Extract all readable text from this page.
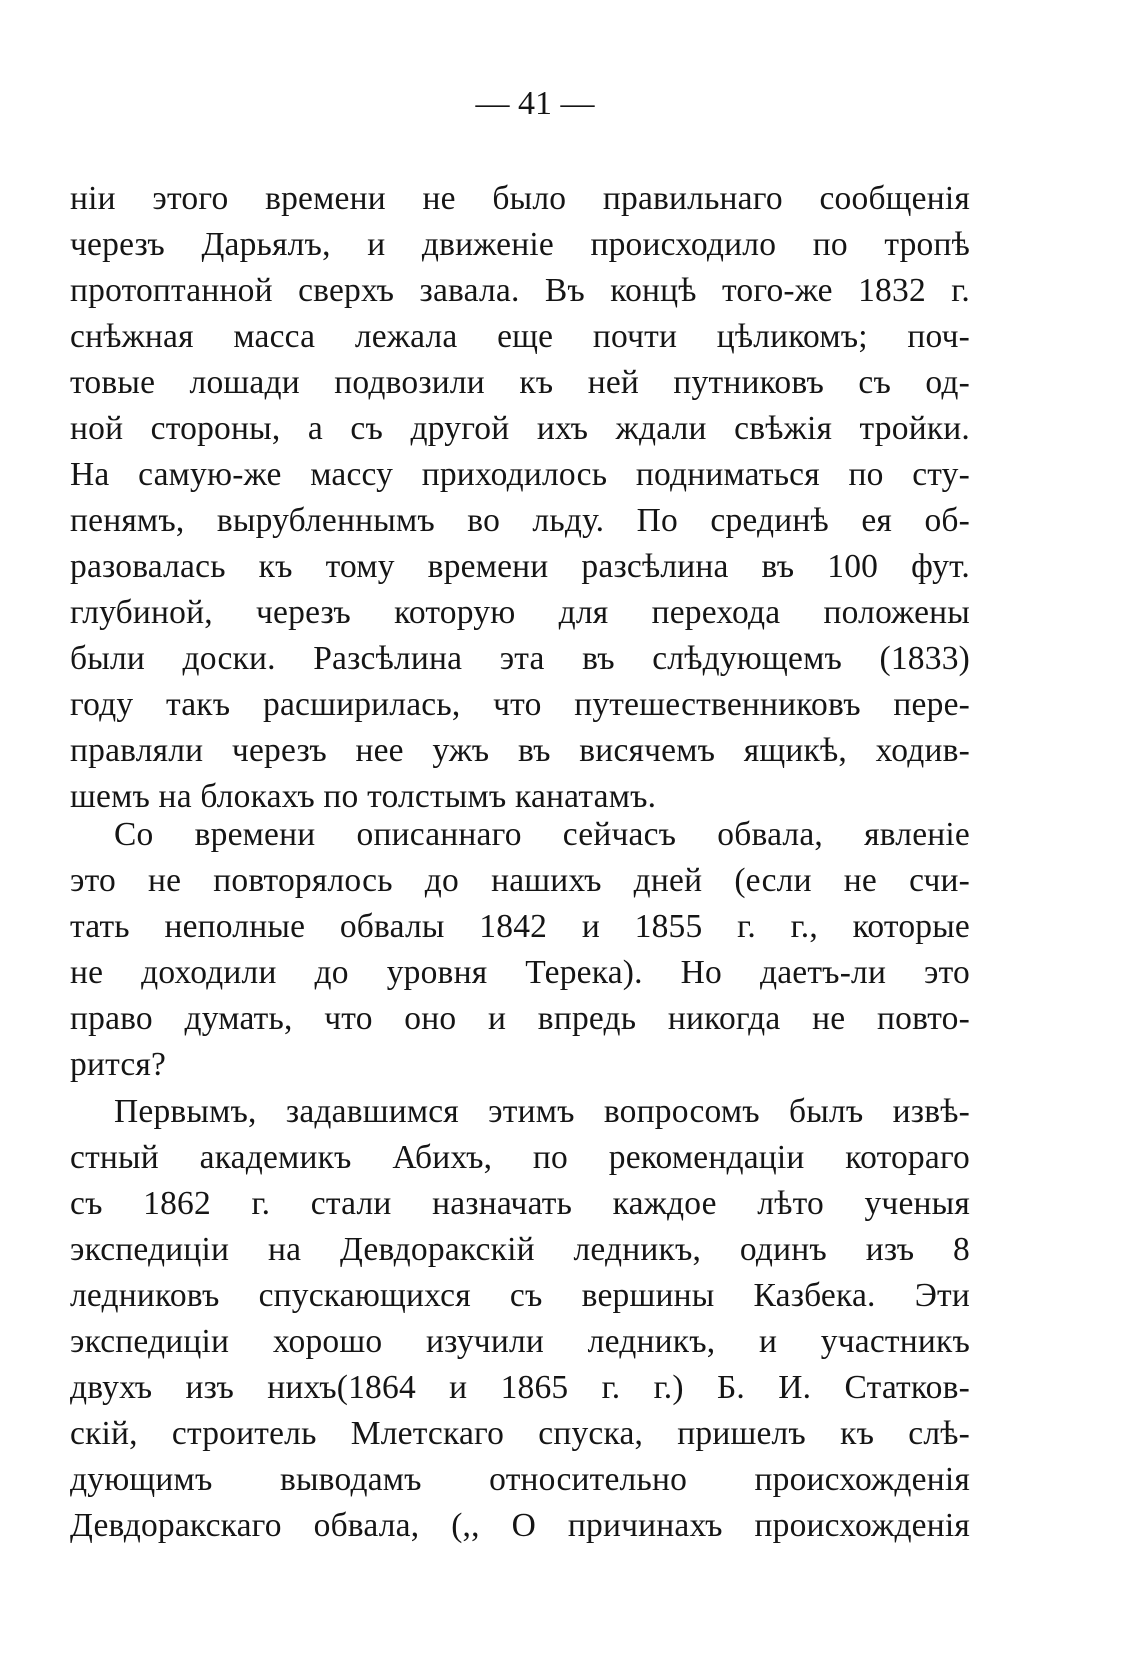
— 41 —
нiи этого времени не было правильнаго сообщенiя
черезъ Дарьялъ, и движенiе происходило по тропѣ
протоптанной сверхъ завала. Въ концѣ того-же 1832 г.
снѣжная масса лежала еще почти цѣликомъ; поч-
товые лошади подвозили къ ней путниковъ съ од-
ной стороны, а съ другой ихъ ждали свѣжiя тройки.
На самую-же массу приходилось подниматься по сту-
пенямъ, вырубленнымъ во льду. По срединѣ ея об-
разовалась къ тому времени разсѣлина въ 100 фут.
глубиной, черезъ которую для перехода положены
были доски. Разсѣлина эта въ слѣдующемъ (1833)
году такъ расширилась, что путешественниковъ пере-
правляли черезъ нее ужъ въ висячемъ ящикѣ, ходив-
шемъ на блокахъ по толстымъ канатамъ.
Со времени описаннаго сейчасъ обвала, явленiе
это не повторялось до нашихъ дней (если не счи-
тать неполные обвалы 1842 и 1855 г. г., которые
не доходили до уровня Терека). Но даетъ-ли это
право думать, что оно и впредь никогда не повто-
рится?
Первымъ, задавшимся этимъ вопросомъ былъ извѣ-
стный академикъ Абихъ, по рекомендацiи котораго
съ 1862 г. стали назначать каждое лѣто ученыя
экспедицiи на Девдоракскiй ледникъ, одинъ изъ 8
ледниковъ спускающихся съ вершины Казбека. Эти
экспедицiи хорошо изучили ледникъ, и участникъ
двухъ изъ нихъ(1864 и 1865 г. г.) Б. И. Статков-
скiй, строитель Млетскаго спуска, пришелъ къ слѣ-
дующимъ выводамъ относительно происхожденiя
Девдоракскаго обвала, (,, О причинахъ происхожденiя
